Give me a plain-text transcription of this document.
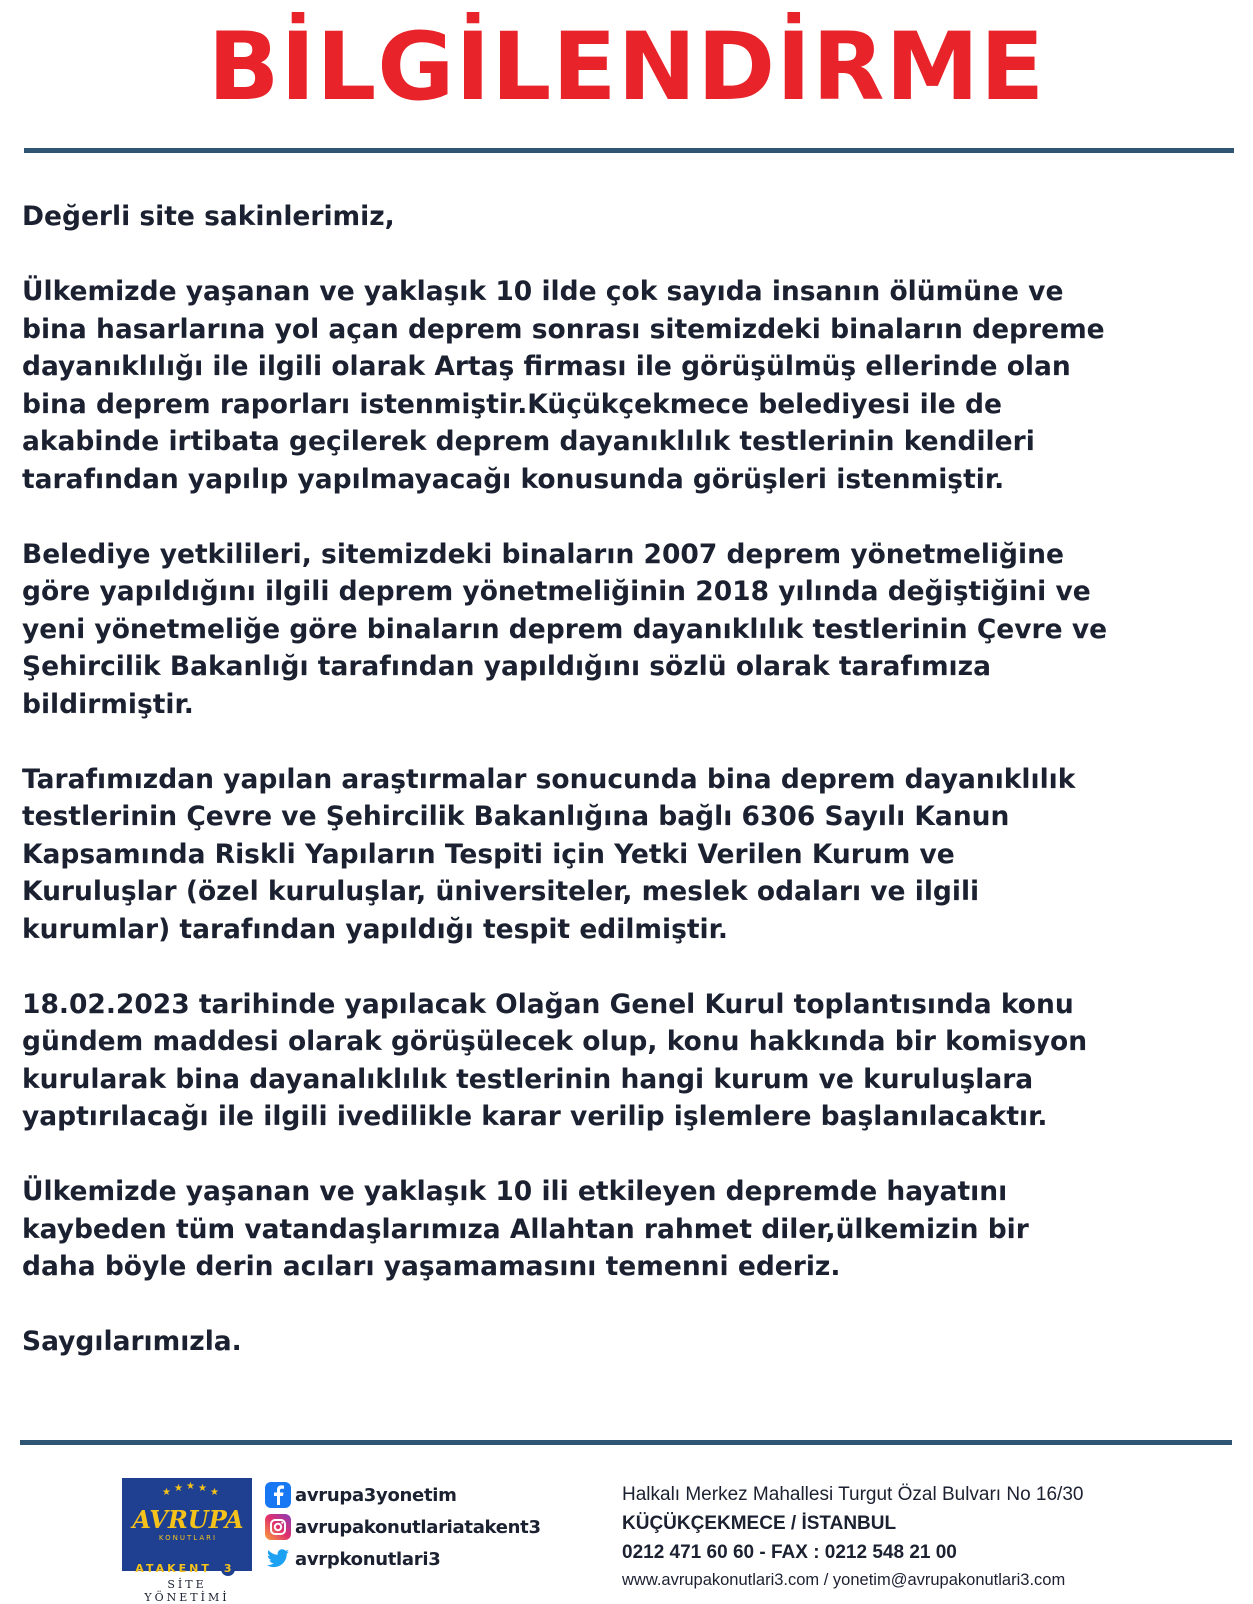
BİLGİLENDİRME

Değerli site sakinlerimiz,

Ülkemizde yaşanan ve yaklaşık 10 ilde çok sayıda insanın ölümüne ve
bina hasarlarına yol açan deprem sonrası sitemizdeki binaların depreme
dayanıklılığı ile ilgili olarak Artaş firması ile görüşülmüş ellerinde olan
bina deprem raporları istenmiştir.Küçükçekmece belediyesi ile de
akabinde irtibata geçilerek deprem dayanıklılık testlerinin kendileri
tarafından yapılıp yapılmayacağı konusunda görüşleri istenmiştir.

Belediye yetkilileri, sitemizdeki binaların 2007 deprem yönetmeliğine
göre yapıldığını ilgili deprem yönetmeliğinin 2018 yılında değiştiğini ve
yeni yönetmeliğe göre binaların deprem dayanıklılık testlerinin Çevre ve
Şehircilik Bakanlığı tarafından yapıldığını sözlü olarak tarafımıza
bildirmiştir.

Tarafımızdan yapılan araştırmalar sonucunda bina deprem dayanıklılık
testlerinin Çevre ve Şehircilik Bakanlığına bağlı 6306 Sayılı Kanun
Kapsamında Riskli Yapıların Tespiti için Yetki Verilen Kurum ve
Kuruluşlar (özel kuruluşlar, üniversiteler, meslek odaları ve ilgili
kurumlar) tarafından yapıldığı tespit edilmiştir.

18.02.2023 tarihinde yapılacak Olağan Genel Kurul toplantısında konu
gündem maddesi olarak görüşülecek olup, konu hakkında bir komisyon
kurularak bina dayanalıklılık testlerinin hangi kurum ve kuruluşlara
yaptırılacağı ile ilgili ivedilikle karar verilip işlemlere başlanılacaktır.

Ülkemizde yaşanan ve yaklaşık 10 ili etkileyen depremde hayatını
kaybeden tüm vatandaşlarımıza Allahtan rahmet diler,ülkemizin bir
daha böyle derin acıları yaşamamasını temenni ederiz.

Saygılarımızla.

★ ★ ★ ★ ★
AVRUPA
KONUTLARI
ATAKENT 3
SİTE YÖNETİMİ
avrupa3yonetim
avrupakonutlariatakent3
avrpkonutlari3
Halkalı Merkez Mahallesi Turgut Özal Bulvarı No 16/30
KÜÇÜKÇEKMECE / İSTANBUL
0212 471 60 60 - FAX : 0212 548 21 00
www.avrupakonutlari3.com / yonetim@avrupakonutlari3.com
